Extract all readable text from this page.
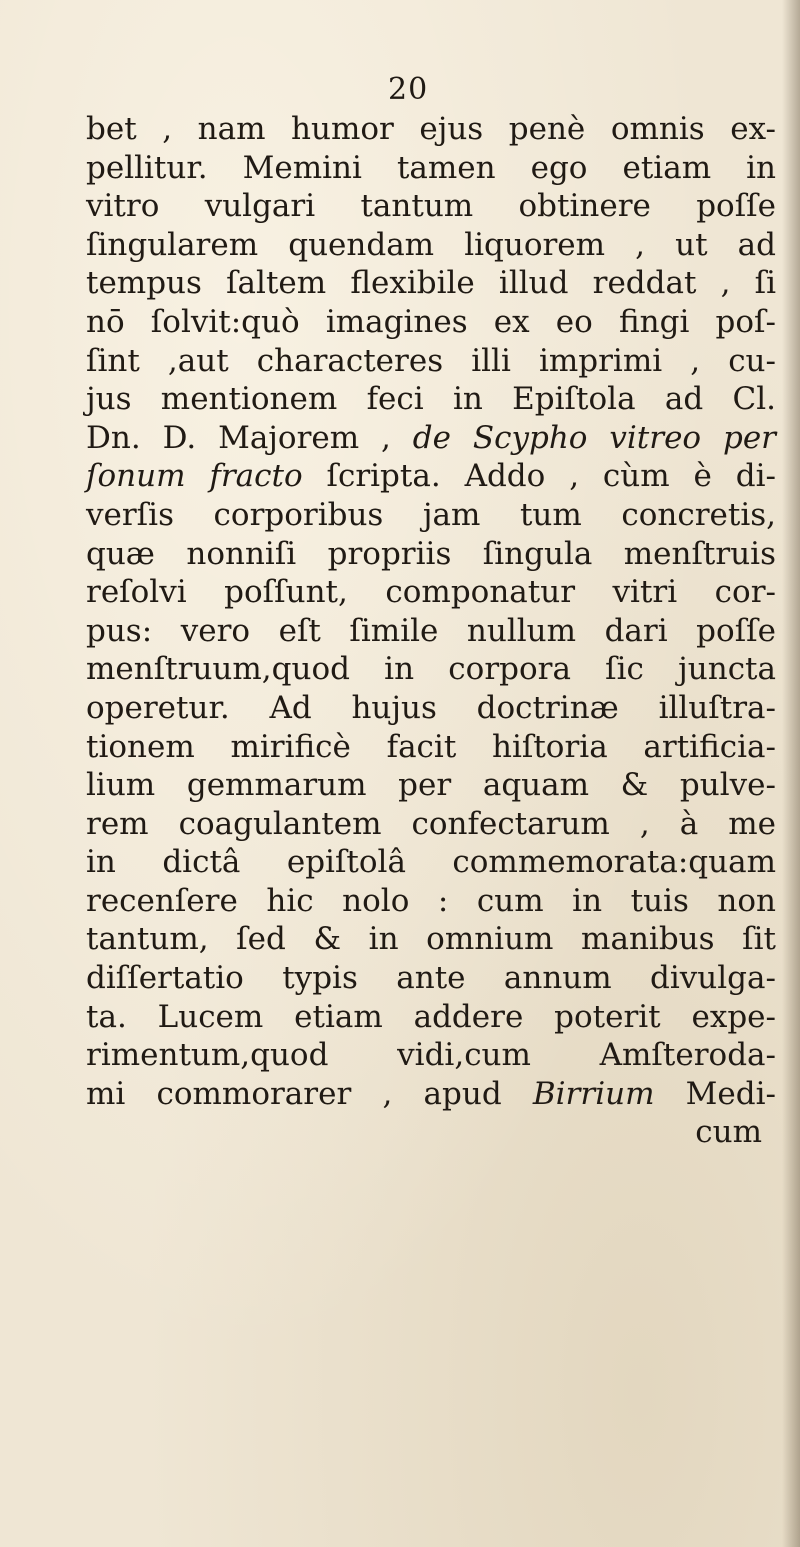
20
bet , nam humor ejus penè omnis ex-
pellitur. Memini tamen ego etiam in
vitro vulgari tantum obtinere poſſe
ſingularem quendam liquorem , ut ad
tempus ſaltem flexibile illud reddat , ſi
nō ſolvit:quò imagines ex eo fingi poſ-
ſint ,aut characteres illi imprimi , cu-
jus mentionem feci in Epiſtola ad Cl.
Dn. D. Majorem , de Scypho vitreo per
ſonum fracto ſcripta. Addo , cùm è di-
verſis corporibus jam tum concretis,
quæ nonniſi propriis ſingula menſtruis
reſolvi poſſunt, componatur vitri cor-
pus: vero eſt ſimile nullum dari poſſe
menſtruum,quod in corpora ſic juncta
operetur. Ad hujus doctrinæ illuſtra-
tionem mirificè facit hiſtoria artificia-
lium gemmarum per aquam & pulve-
rem coagulantem confectarum , à me
in dictâ epiſtolâ commemorata:quam
recenſere hic nolo : cum in tuis non
tantum, ſed & in omnium manibus ſit
diſſertatio typis ante annum divulga-
ta. Lucem etiam addere poterit expe-
rimentum,quod vidi,cum Amſteroda-
mi commorarer , apud Birrium Medi-
cum
